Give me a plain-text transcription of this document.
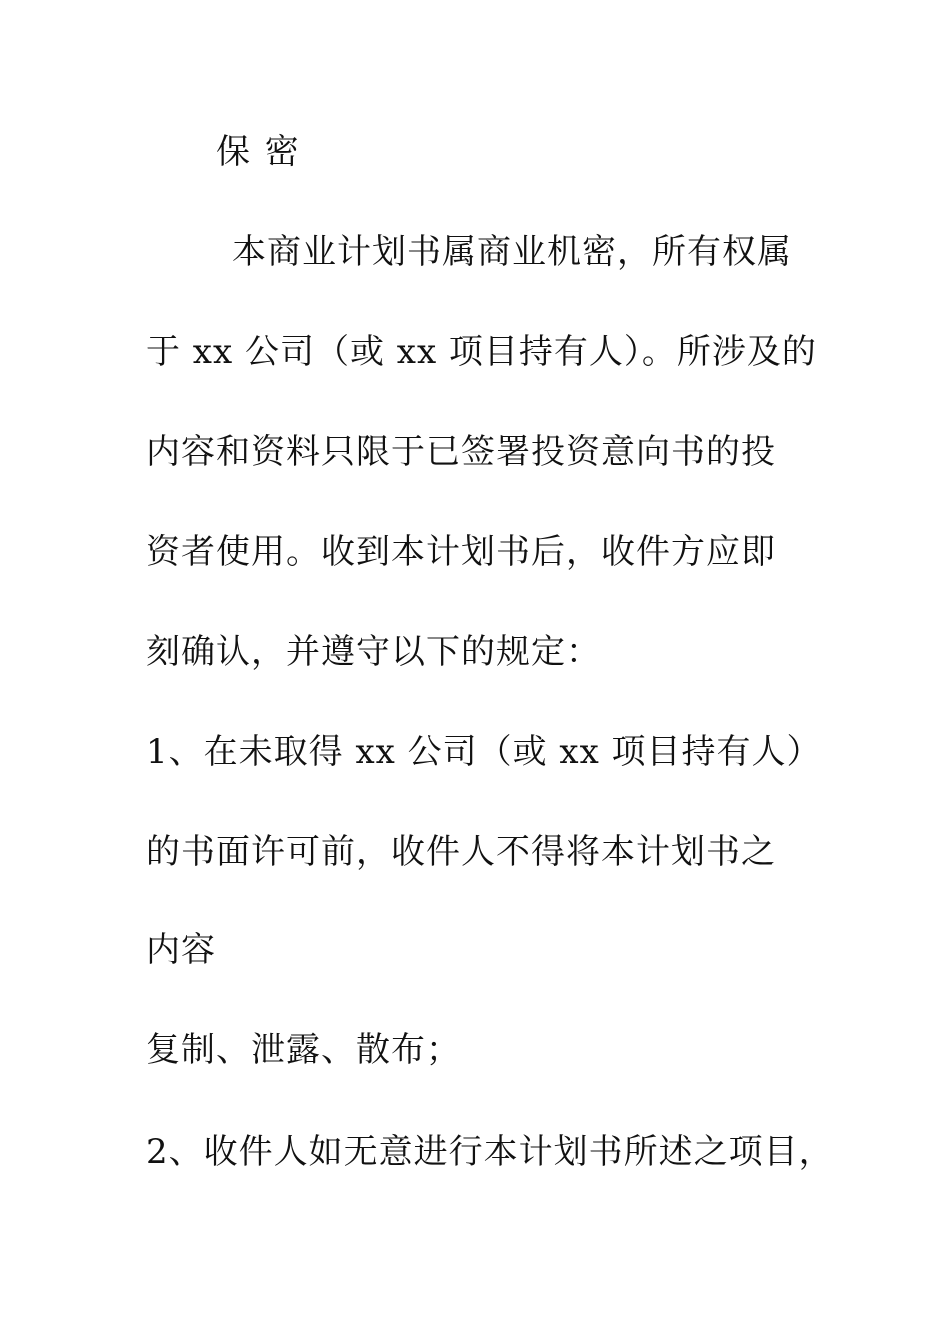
保 密
本商业计划书属商业机密，所有权属
于 xx 公司（或 xx 项目持有人）。所涉及的
内容和资料只限于已签署投资意向书的投
资者使用。收到本计划书后，收件方应即
刻确认，并遵守以下的规定：
1、在未取得 xx 公司（或 xx 项目持有人）
的书面许可前，收件人不得将本计划书之
内容
复制、泄露、散布；
2、收件人如无意进行本计划书所述之项目，
